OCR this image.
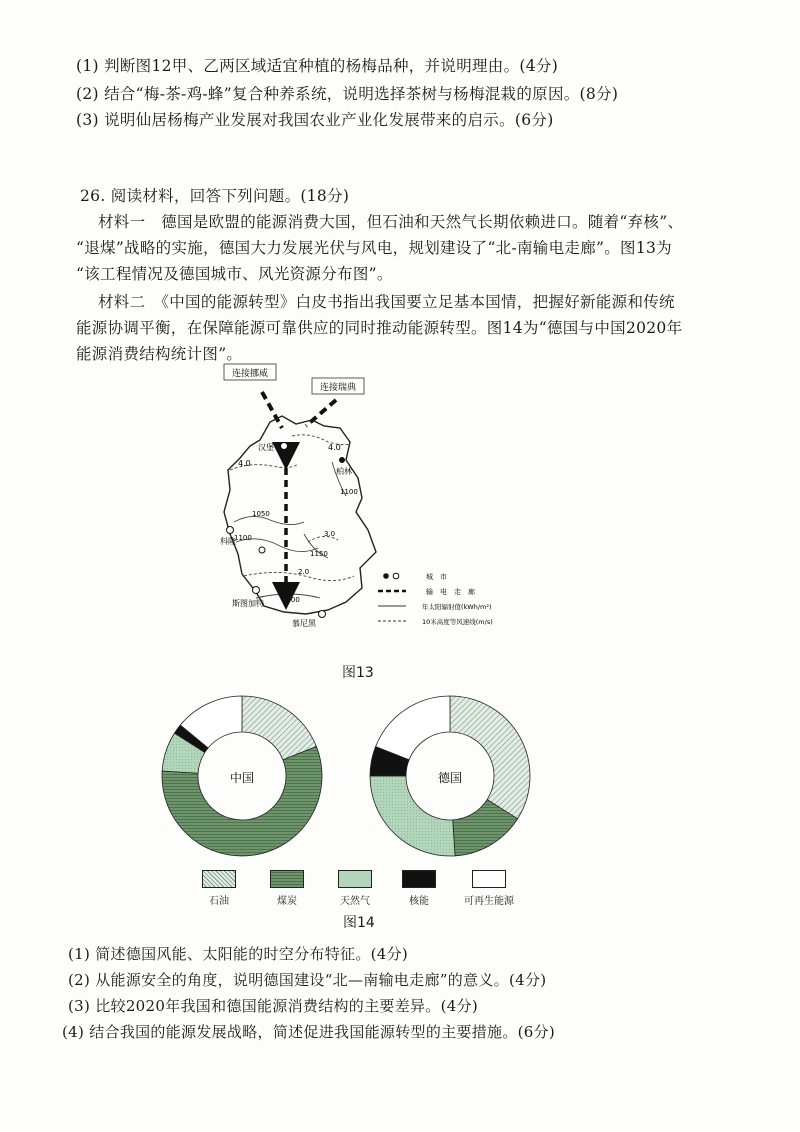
(1) 判断图12甲、乙两区域适宜种植的杨梅品种，并说明理由。(4分)
(2) 结合“梅-茶-鸡-蜂”复合种养系统，说明选择茶树与杨梅混栽的原因。(8分)
(3) 说明仙居杨梅产业发展对我国农业产业化发展带来的启示。(6分)
26. 阅读材料，回答下列问题。(18分)
材料一　德国是欧盟的能源消费大国，但石油和天然气长期依赖进口。随着“弃核”、
“退煤”战略的实施，德国大力发展光伏与风电，规划建设了“北-南输电走廊”。图13为
“该工程情况及德国城市、风光资源分布图”。
材料二　《中国的能源转型》白皮书指出我国要立足基本国情，把握好新能源和传统
能源协调平衡，在保障能源可靠供应的同时推动能源转型。图14为“德国与中国2020年
能源消费结构统计图”。
连接挪威
连接瑞典
4.0
4.0
1100
1050
1100
1150
3.0
2.0
1200
汉堡
柏林
科隆
斯图加特
慕尼黑
城　市
输　电　走　廊
年太阳辐射值(kWh/m²)
10米高度等风速线(m/s)
图13
中国	德国
石油	煤炭	天然气	核能	可再生能源
图14
(1) 简述德国风能、太阳能的时空分布特征。(4分)
(2) 从能源安全的角度，说明德国建设“北—南输电走廊”的意义。(4分)
(3) 比较2020年我国和德国能源消费结构的主要差异。(4分)
(4) 结合我国的能源发展战略，简述促进我国能源转型的主要措施。(6分)
